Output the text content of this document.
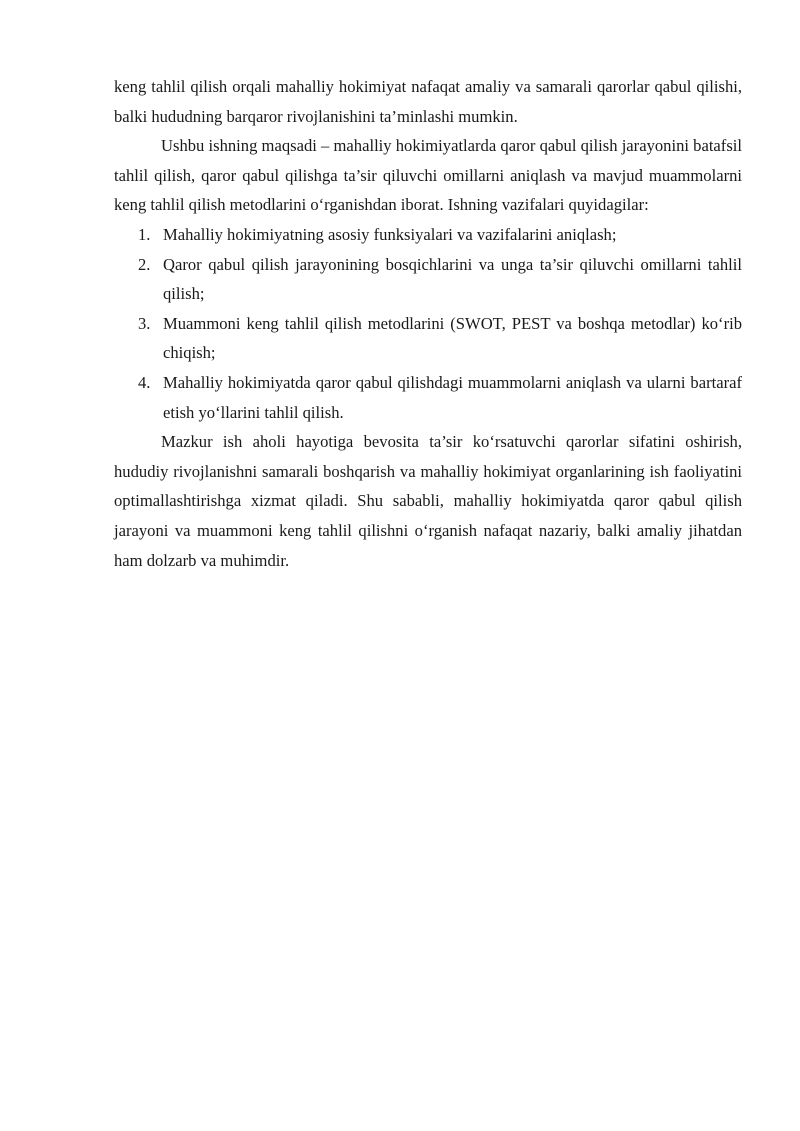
keng tahlil qilish orqali mahalliy hokimiyat nafaqat amaliy va samarali qarorlar qabul qilishi, balki hududning barqaror rivojlanishini ta’minlashi mumkin.

Ushbu ishning maqsadi – mahalliy hokimiyatlarda qaror qabul qilish jarayonini batafsil tahlil qilish, qaror qabul qilishga ta’sir qiluvchi omillarni aniqlash va mavjud muammolarni keng tahlil qilish metodlarini o‘rganishdan iborat. Ishning vazifalari quyidagilar:

1. Mahalliy hokimiyatning asosiy funksiyalari va vazifalarini aniqlash;
2. Qaror qabul qilish jarayonining bosqichlarini va unga ta’sir qiluvchi omillarni tahlil qilish;
3. Muammoni keng tahlil qilish metodlarini (SWOT, PEST va boshqa metodlar) ko‘rib chiqish;
4. Mahalliy hokimiyatda qaror qabul qilishdagi muammolarni aniqlash va ularni bartaraf etish yo‘llarini tahlil qilish.

Mazkur ish aholi hayotiga bevosita ta’sir ko‘rsatuvchi qarorlar sifatini oshirish, hududiy rivojlanishni samarali boshqarish va mahalliy hokimiyat organlarining ish faoliyatini optimallashtirishga xizmat qiladi. Shu sababli, mahalliy hokimiyatda qaror qabul qilish jarayoni va muammoni keng tahlil qilishni o‘rganish nafaqat nazariy, balki amaliy jihatdan ham dolzarb va muhimdir.
